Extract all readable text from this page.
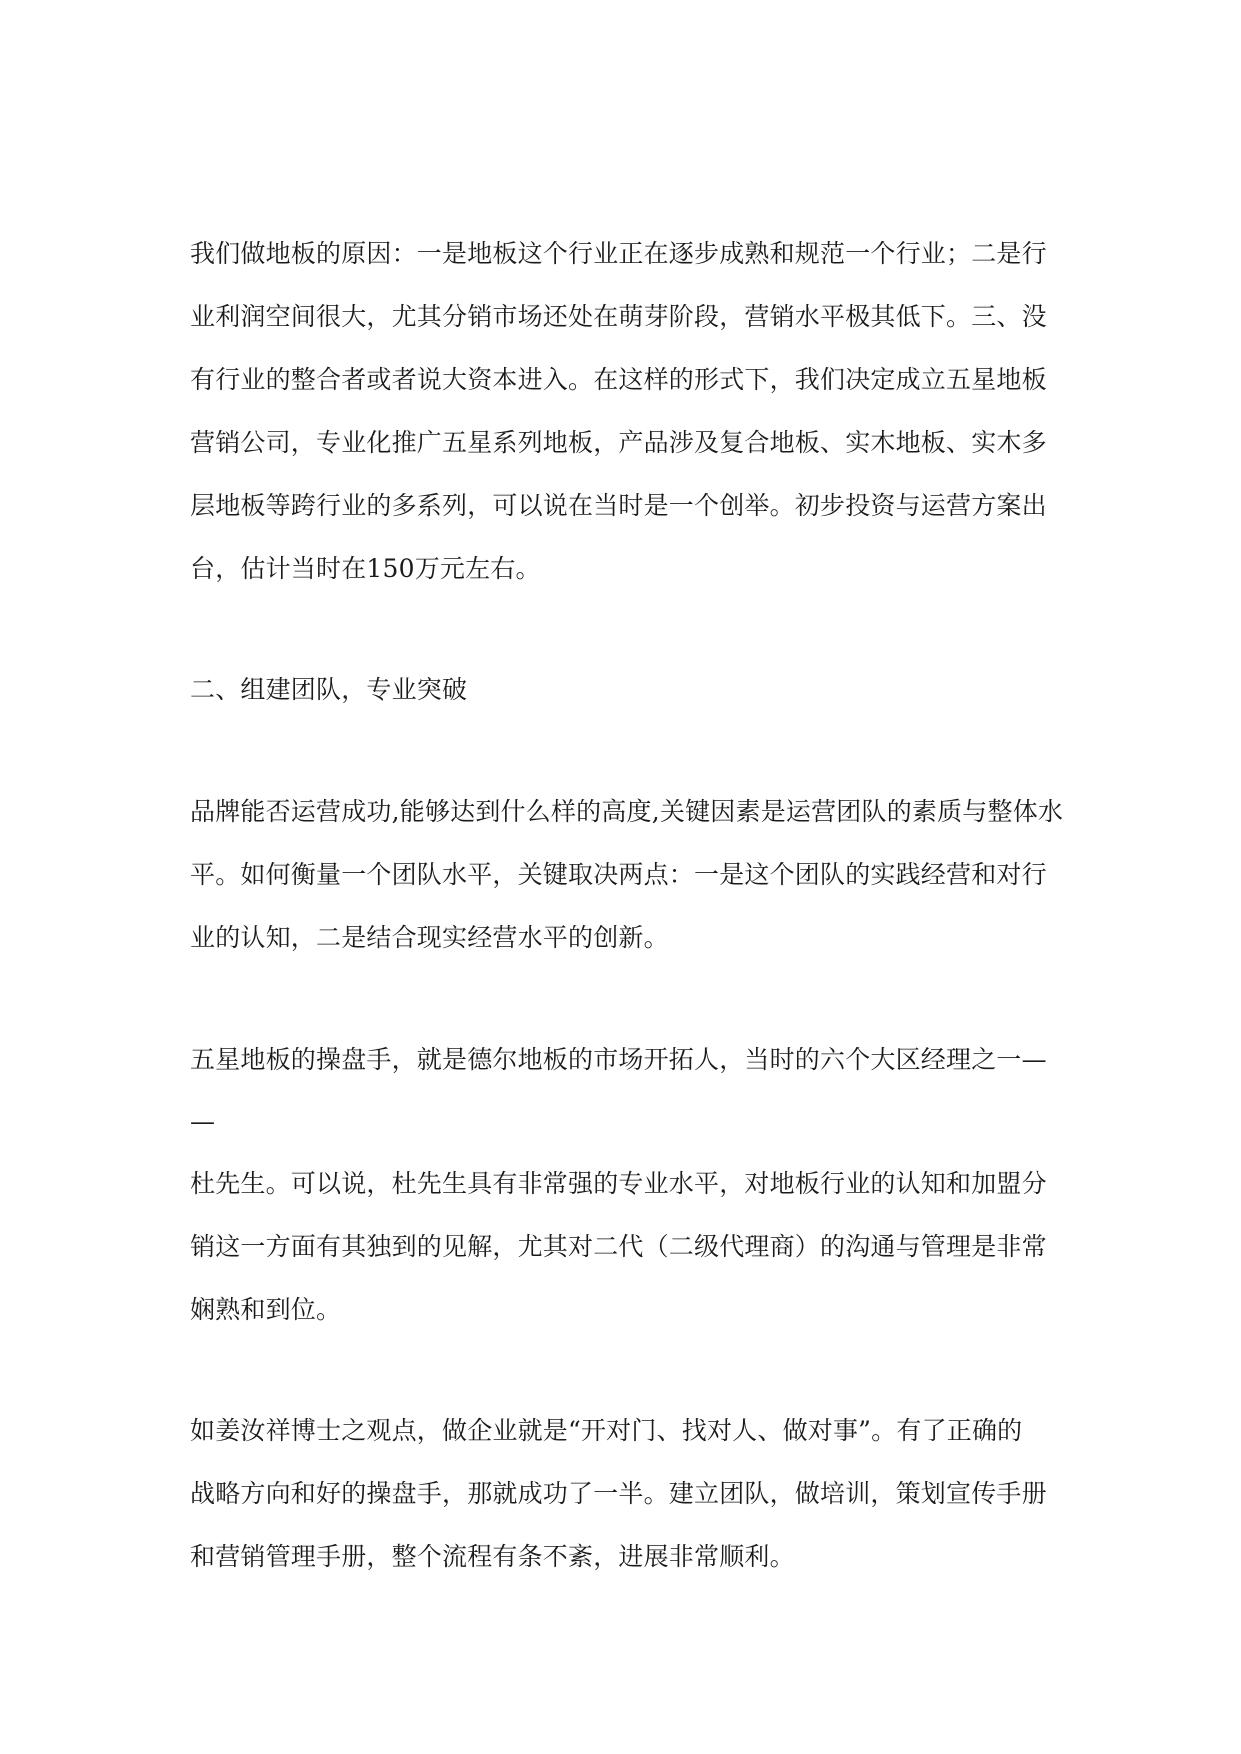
我们做地板的原因：一是地板这个行业正在逐步成熟和规范一个行业；二是行
业利润空间很大，尤其分销市场还处在萌芽阶段，营销水平极其低下。三、没
有行业的整合者或者说大资本进入。在这样的形式下，我们决定成立五星地板
营销公司，专业化推广五星系列地板，产品涉及复合地板、实木地板、实木多
层地板等跨行业的多系列，可以说在当时是一个创举。初步投资与运营方案出
台，估计当时在150万元左右。
二、组建团队，专业突破
品牌能否运营成功,能够达到什么样的高度,关键因素是运营团队的素质与整体水
平。如何衡量一个团队水平，关键取决两点：一是这个团队的实践经营和对行
业的认知，二是结合现实经营水平的创新。
五星地板的操盘手，就是德尔地板的市场开拓人，当时的六个大区经理之一—
—
杜先生。可以说，杜先生具有非常强的专业水平，对地板行业的认知和加盟分
销这一方面有其独到的见解，尤其对二代（二级代理商）的沟通与管理是非常
娴熟和到位。
如姜汝祥博士之观点，做企业就是“开对门、找对人、做对事”。有了正确的
战略方向和好的操盘手，那就成功了一半。建立团队，做培训，策划宣传手册
和营销管理手册，整个流程有条不紊，进展非常顺利。
